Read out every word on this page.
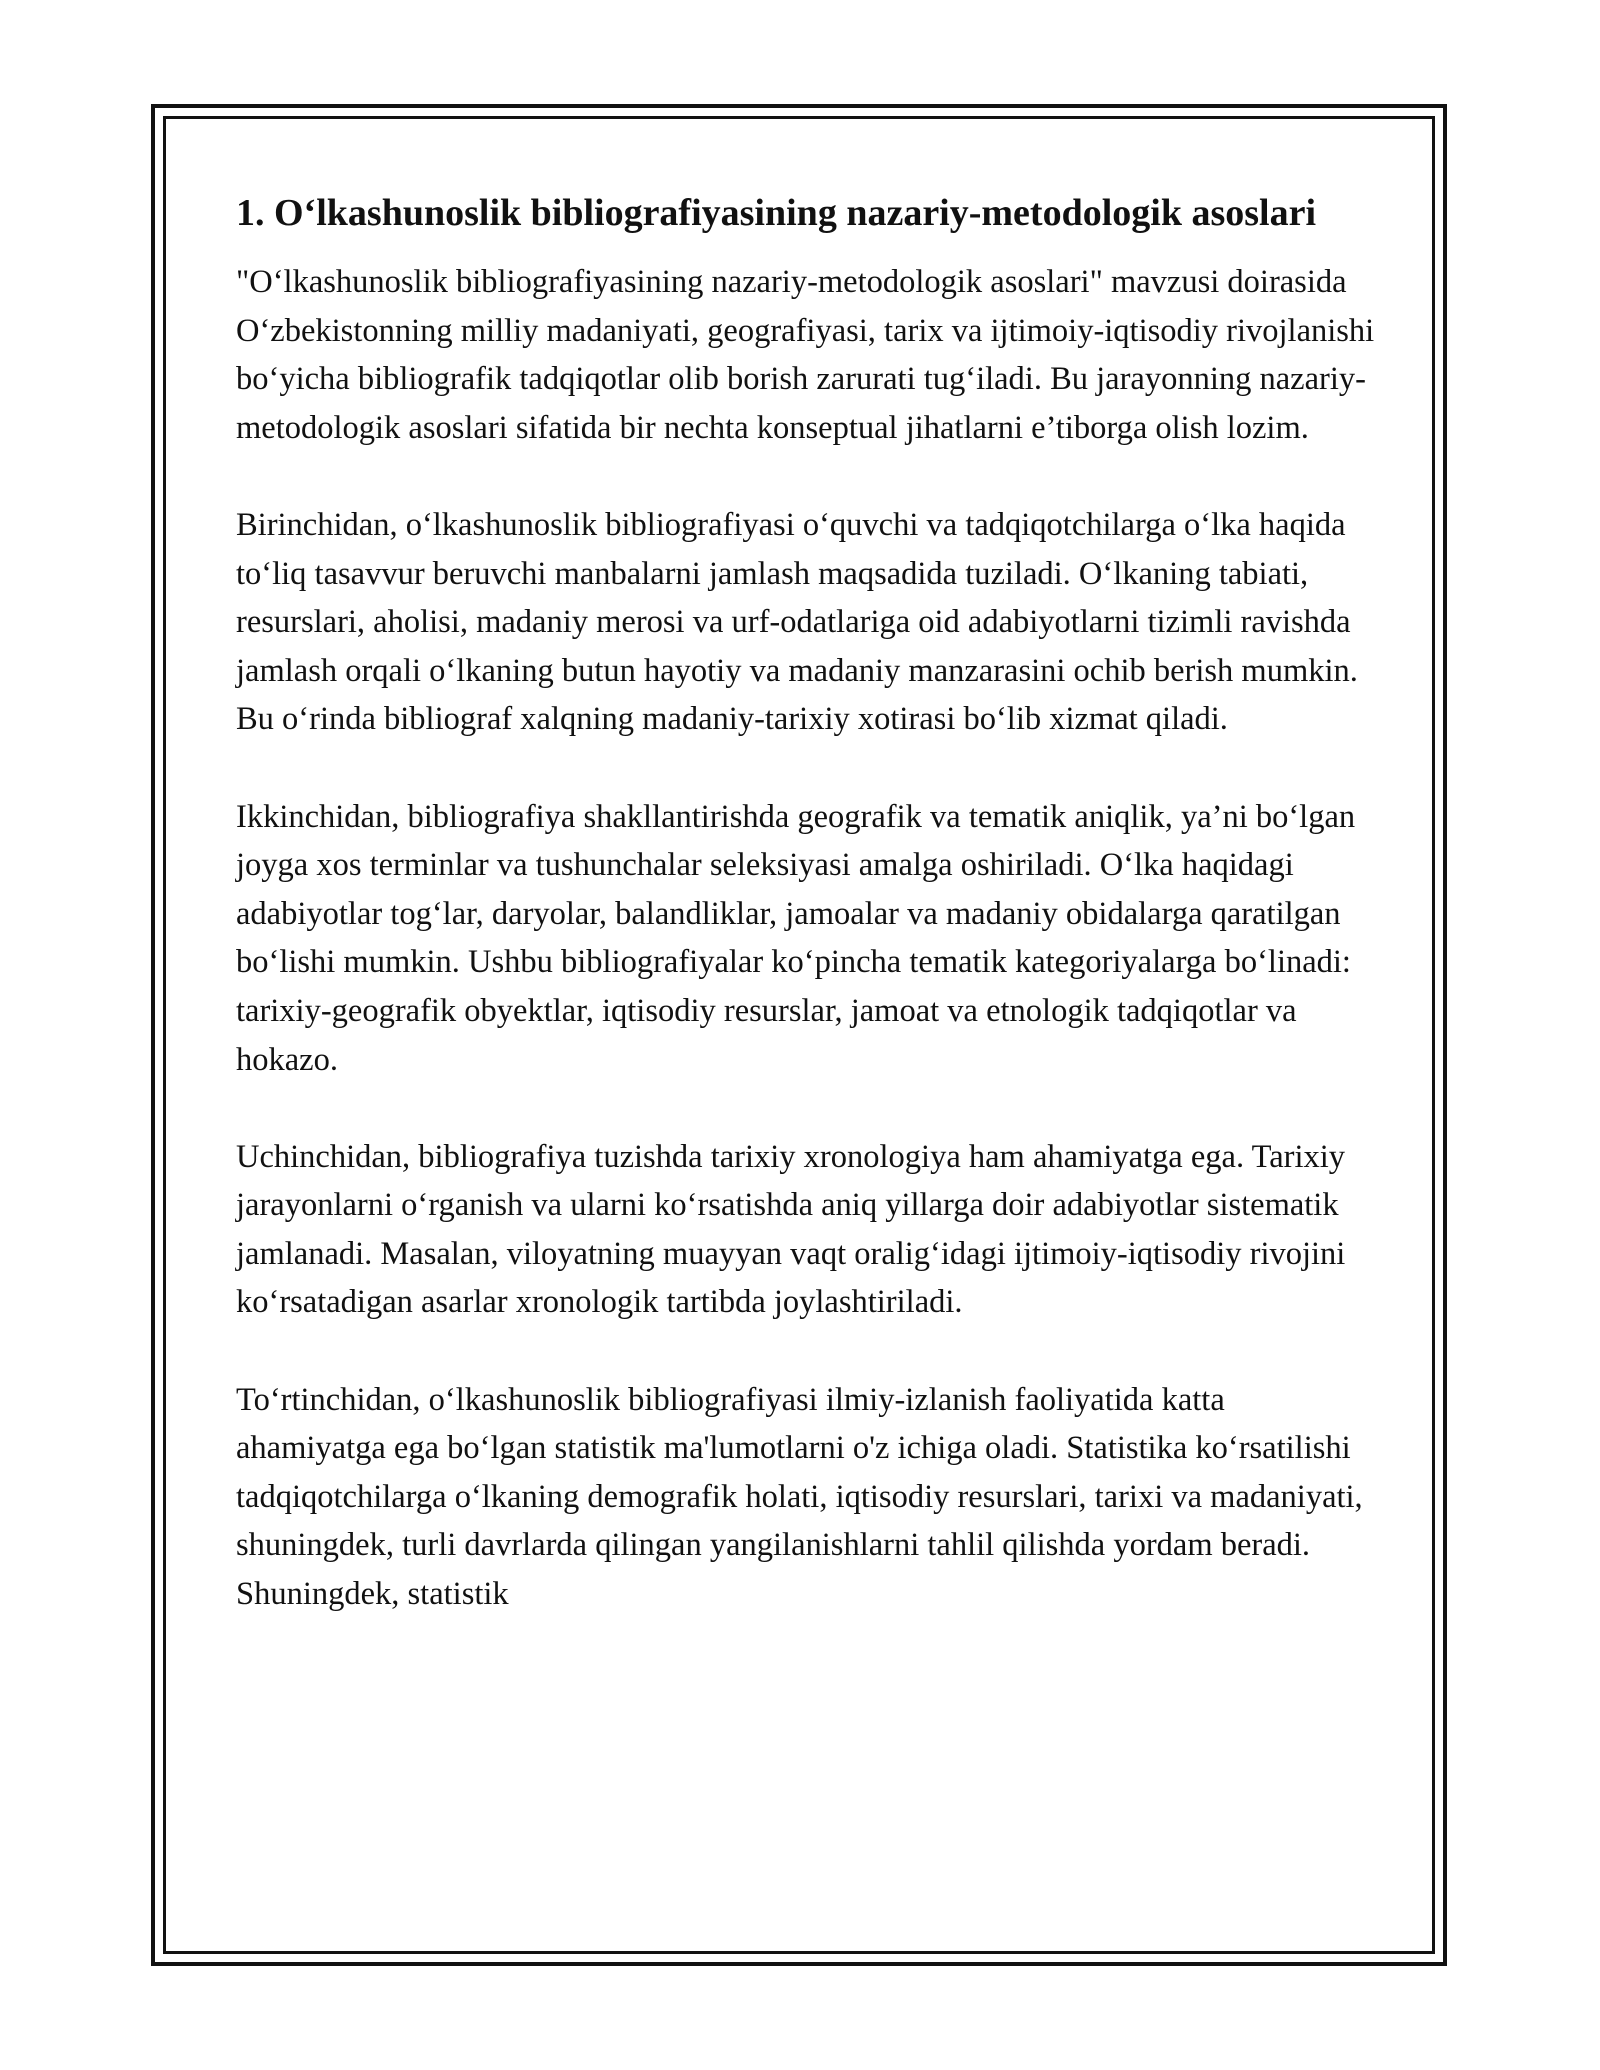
1. O‘lkashunoslik bibliografiyasining nazariy-metodologik asoslari

"O‘lkashunoslik bibliografiyasining nazariy-metodologik asoslari" mavzusi doirasida O‘zbekistonning milliy madaniyati, geografiyasi, tarix va ijtimoiy-iqtisodiy rivojlanishi bo‘yicha bibliografik tadqiqotlar olib borish zarurati tug‘iladi. Bu jarayonning nazariy-metodologik asoslari sifatida bir nechta konseptual jihatlarni e’tiborga olish lozim.

Birinchidan, o‘lkashunoslik bibliografiyasi o‘quvchi va tadqiqotchilarga o‘lka haqida to‘liq tasavvur beruvchi manbalarni jamlash maqsadida tuziladi. O‘lkaning tabiati, resurslari, aholisi, madaniy merosi va urf-odatlariga oid adabiyotlarni tizimli ravishda jamlash orqali o‘lkaning butun hayotiy va madaniy manzarasini ochib berish mumkin. Bu o‘rinda bibliograf xalqning madaniy-tarixiy xotirasi bo‘lib xizmat qiladi.

Ikkinchidan, bibliografiya shakllantirishda geografik va tematik aniqlik, ya’ni bo‘lgan joyga xos terminlar va tushunchalar seleksiyasi amalga oshiriladi. O‘lka haqidagi adabiyotlar tog‘lar, daryolar, balandliklar, jamoalar va madaniy obidalarga qaratilgan bo‘lishi mumkin. Ushbu bibliografiyalar ko‘pincha tematik kategoriyalarga bo‘linadi: tarixiy-geografik obyektlar, iqtisodiy resurslar, jamoat va etnologik tadqiqotlar va hokazo.

Uchinchidan, bibliografiya tuzishda tarixiy xronologiya ham ahamiyatga ega. Tarixiy jarayonlarni o‘rganish va ularni ko‘rsatishda aniq yillarga doir adabiyotlar sistematik jamlanadi. Masalan, viloyatning muayyan vaqt oralig‘idagi ijtimoiy-iqtisodiy rivojini ko‘rsatadigan asarlar xronologik tartibda joylashtiriladi.

To‘rtinchidan, o‘lkashunoslik bibliografiyasi ilmiy-izlanish faoliyatida katta ahamiyatga ega bo‘lgan statistik ma'lumotlarni o'z ichiga oladi. Statistika ko‘rsatilishi tadqiqotchilarga o‘lkaning demografik holati, iqtisodiy resurslari, tarixi va madaniyati, shuningdek, turli davrlarda qilingan yangilanishlarni tahlil qilishda yordam beradi. Shuningdek, statistik
